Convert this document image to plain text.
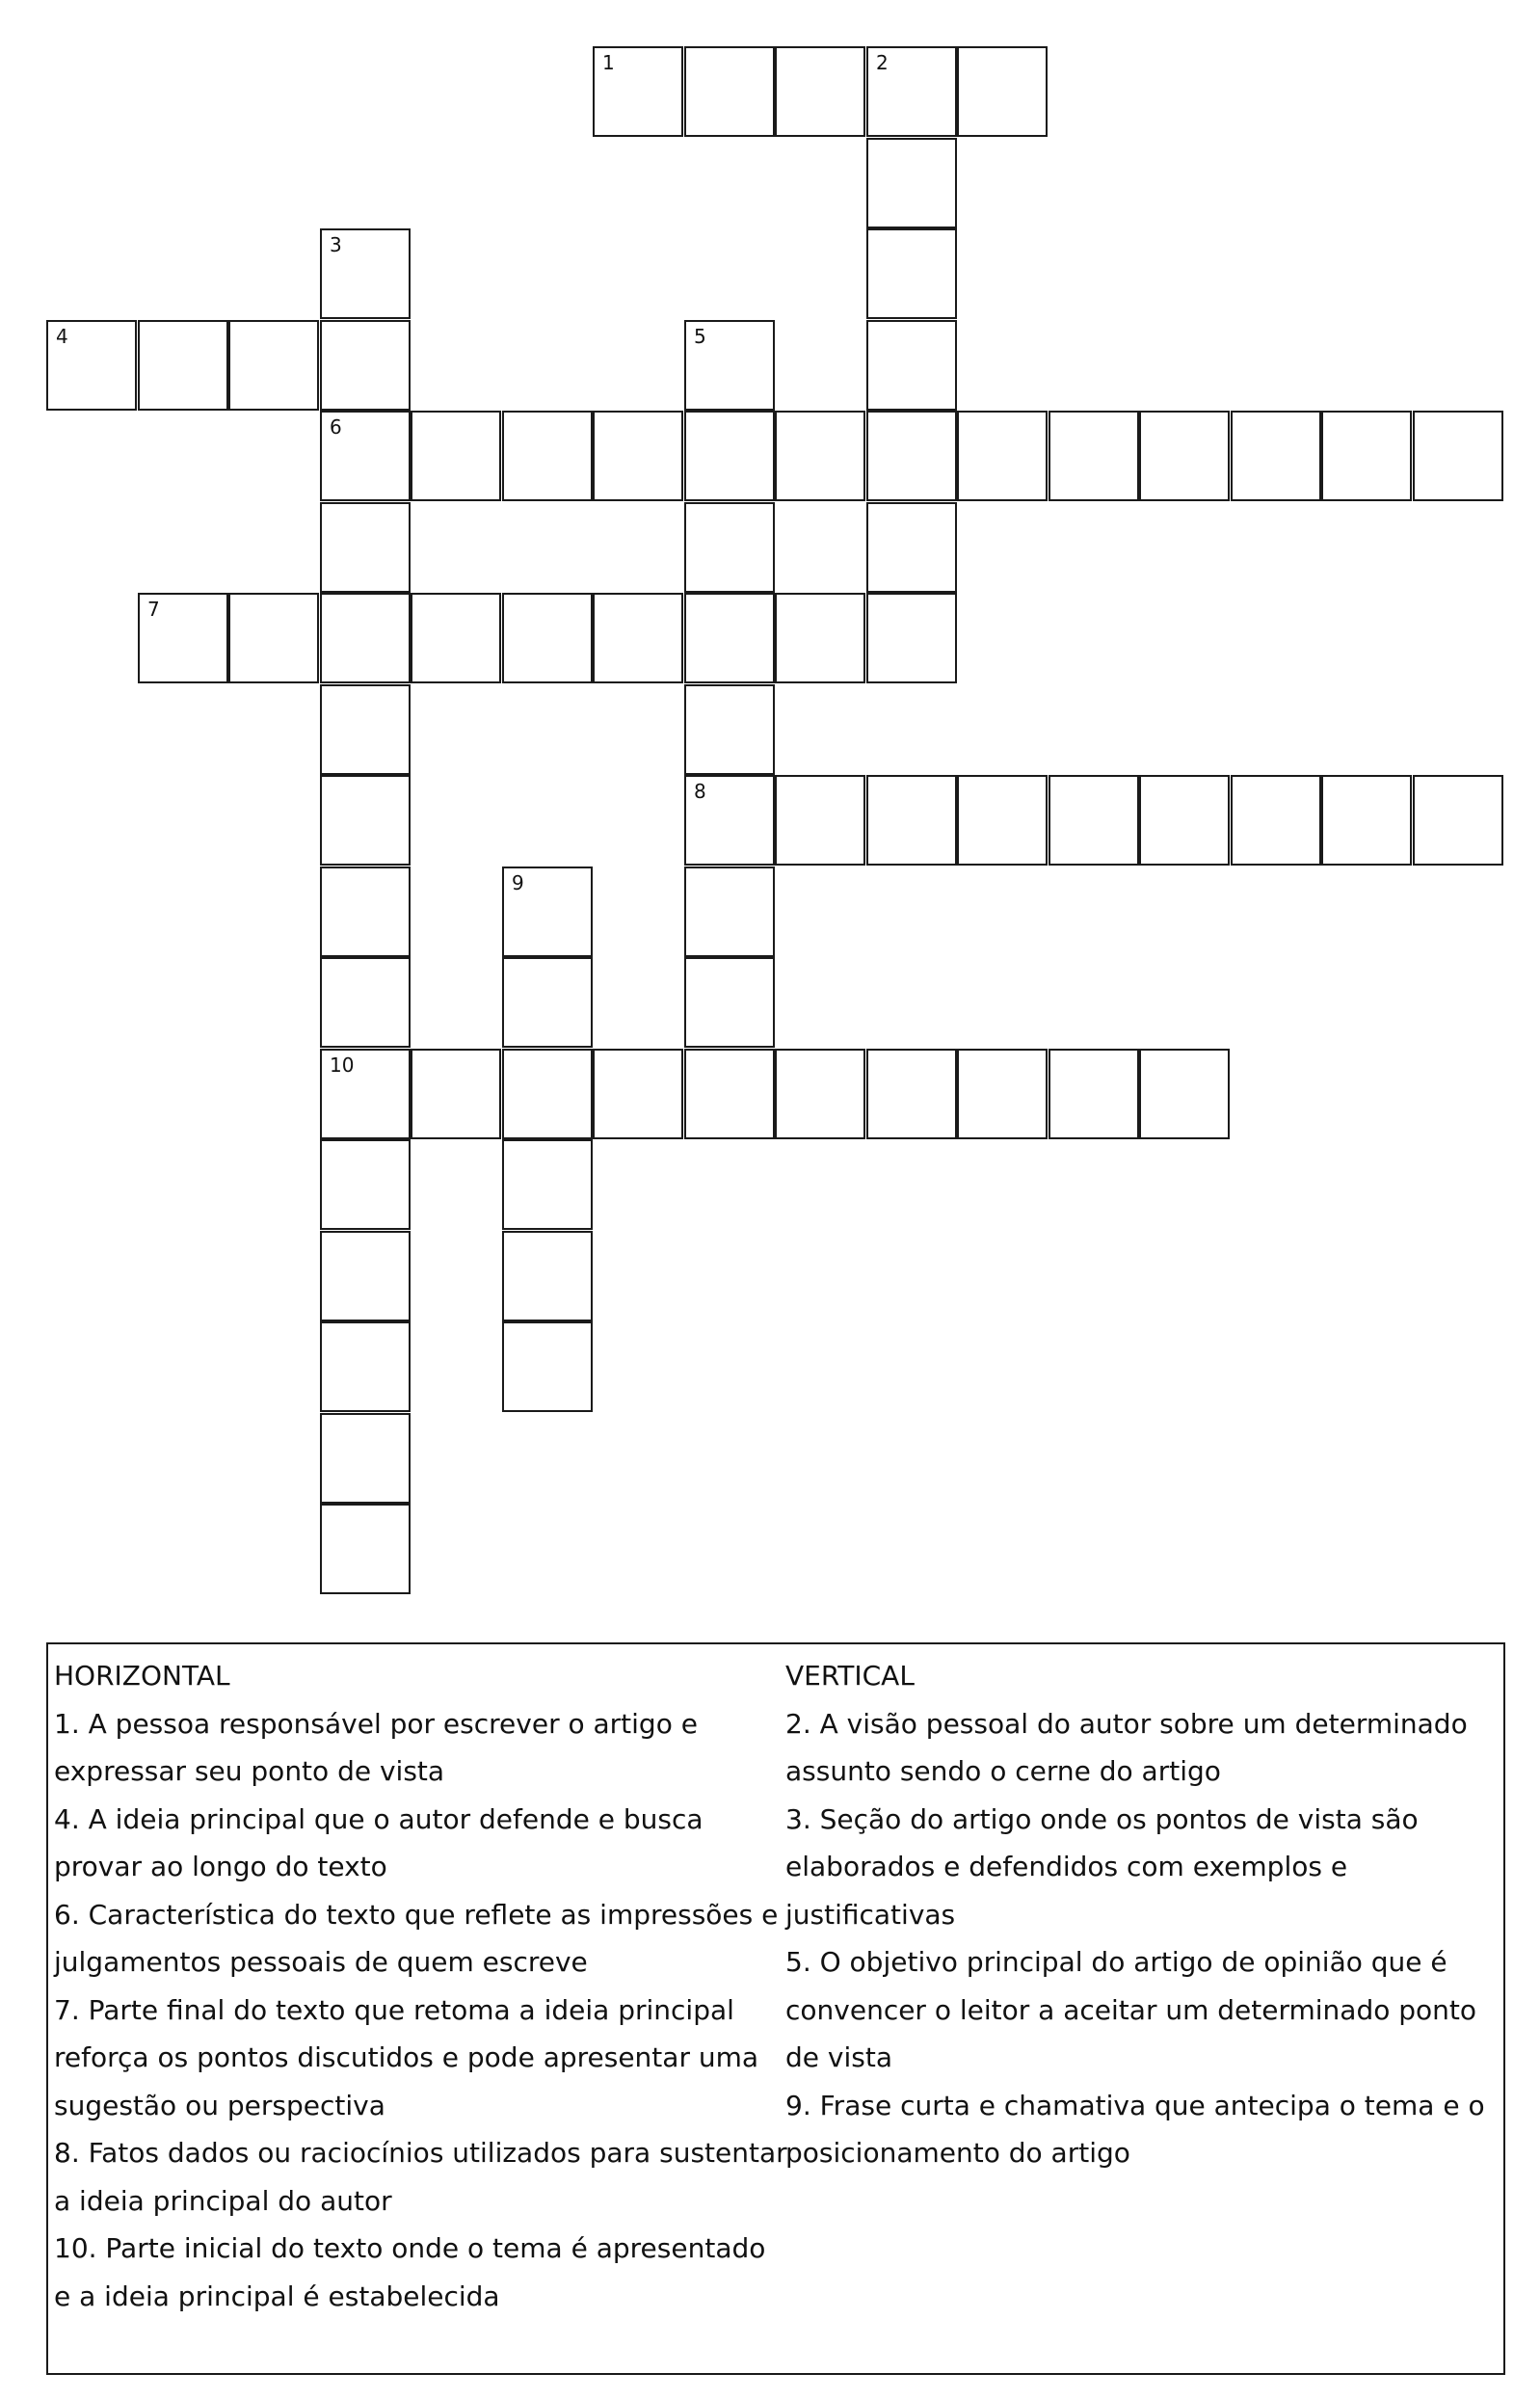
1	2
3
6
10
4	5
8
7
9
HORIZONTAL
1. A pessoa responsável por escrever o artigo e expressar seu ponto de vista
4. A ideia principal que o autor defende e busca provar ao longo do texto
6. Característica do texto que reflete as impressões e julgamentos pessoais de quem escreve
7. Parte final do texto que retoma a ideia principal reforça os pontos discutidos e pode apresentar uma sugestão ou perspectiva
8. Fatos dados ou raciocínios utilizados para sustentar a ideia principal do autor
10. Parte inicial do texto onde o tema é apresentado e a ideia principal é estabelecida
VERTICAL
2. A visão pessoal do autor sobre um determinado assunto sendo o cerne do artigo
3. Seção do artigo onde os pontos de vista são elaborados e defendidos com exemplos e justificativas
5. O objetivo principal do artigo de opinião que é convencer o leitor a aceitar um determinado ponto de vista
9. Frase curta e chamativa que antecipa o tema e o posicionamento do artigo
